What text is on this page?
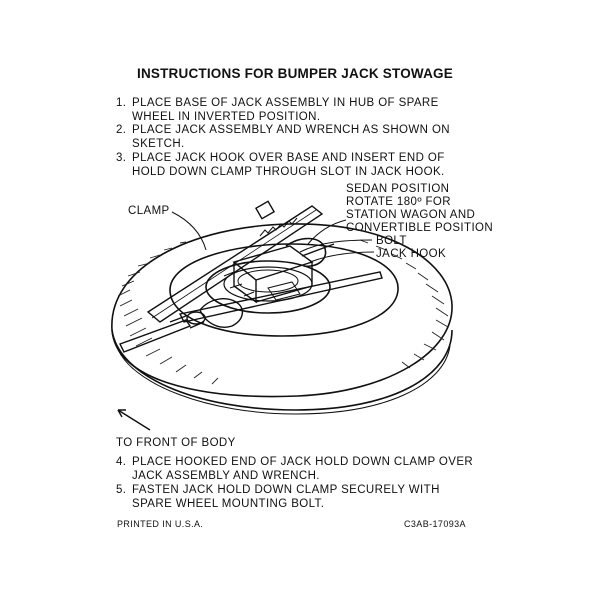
INSTRUCTIONS FOR BUMPER JACK STOWAGE
1. PLACE BASE OF JACK ASSEMBLY IN HUB OF SPARE
WHEEL IN INVERTED POSITION.
2. PLACE JACK ASSEMBLY AND WRENCH AS SHOWN ON
SKETCH.
3. PLACE JACK HOOK OVER BASE AND INSERT END OF
HOLD DOWN CLAMP THROUGH SLOT IN JACK HOOK.
CLAMP
SEDAN POSITION
ROTATE 180º FOR
STATION WAGON AND
CONVERTIBLE POSITION
BOLT
JACK HOOK
TO FRONT OF BODY
4. PLACE HOOKED END OF JACK HOLD DOWN CLAMP OVER
JACK ASSEMBLY AND WRENCH.
5. FASTEN JACK HOLD DOWN CLAMP SECURELY WITH
SPARE WHEEL MOUNTING BOLT.
PRINTED IN U.S.A.	C3AB-17093A
